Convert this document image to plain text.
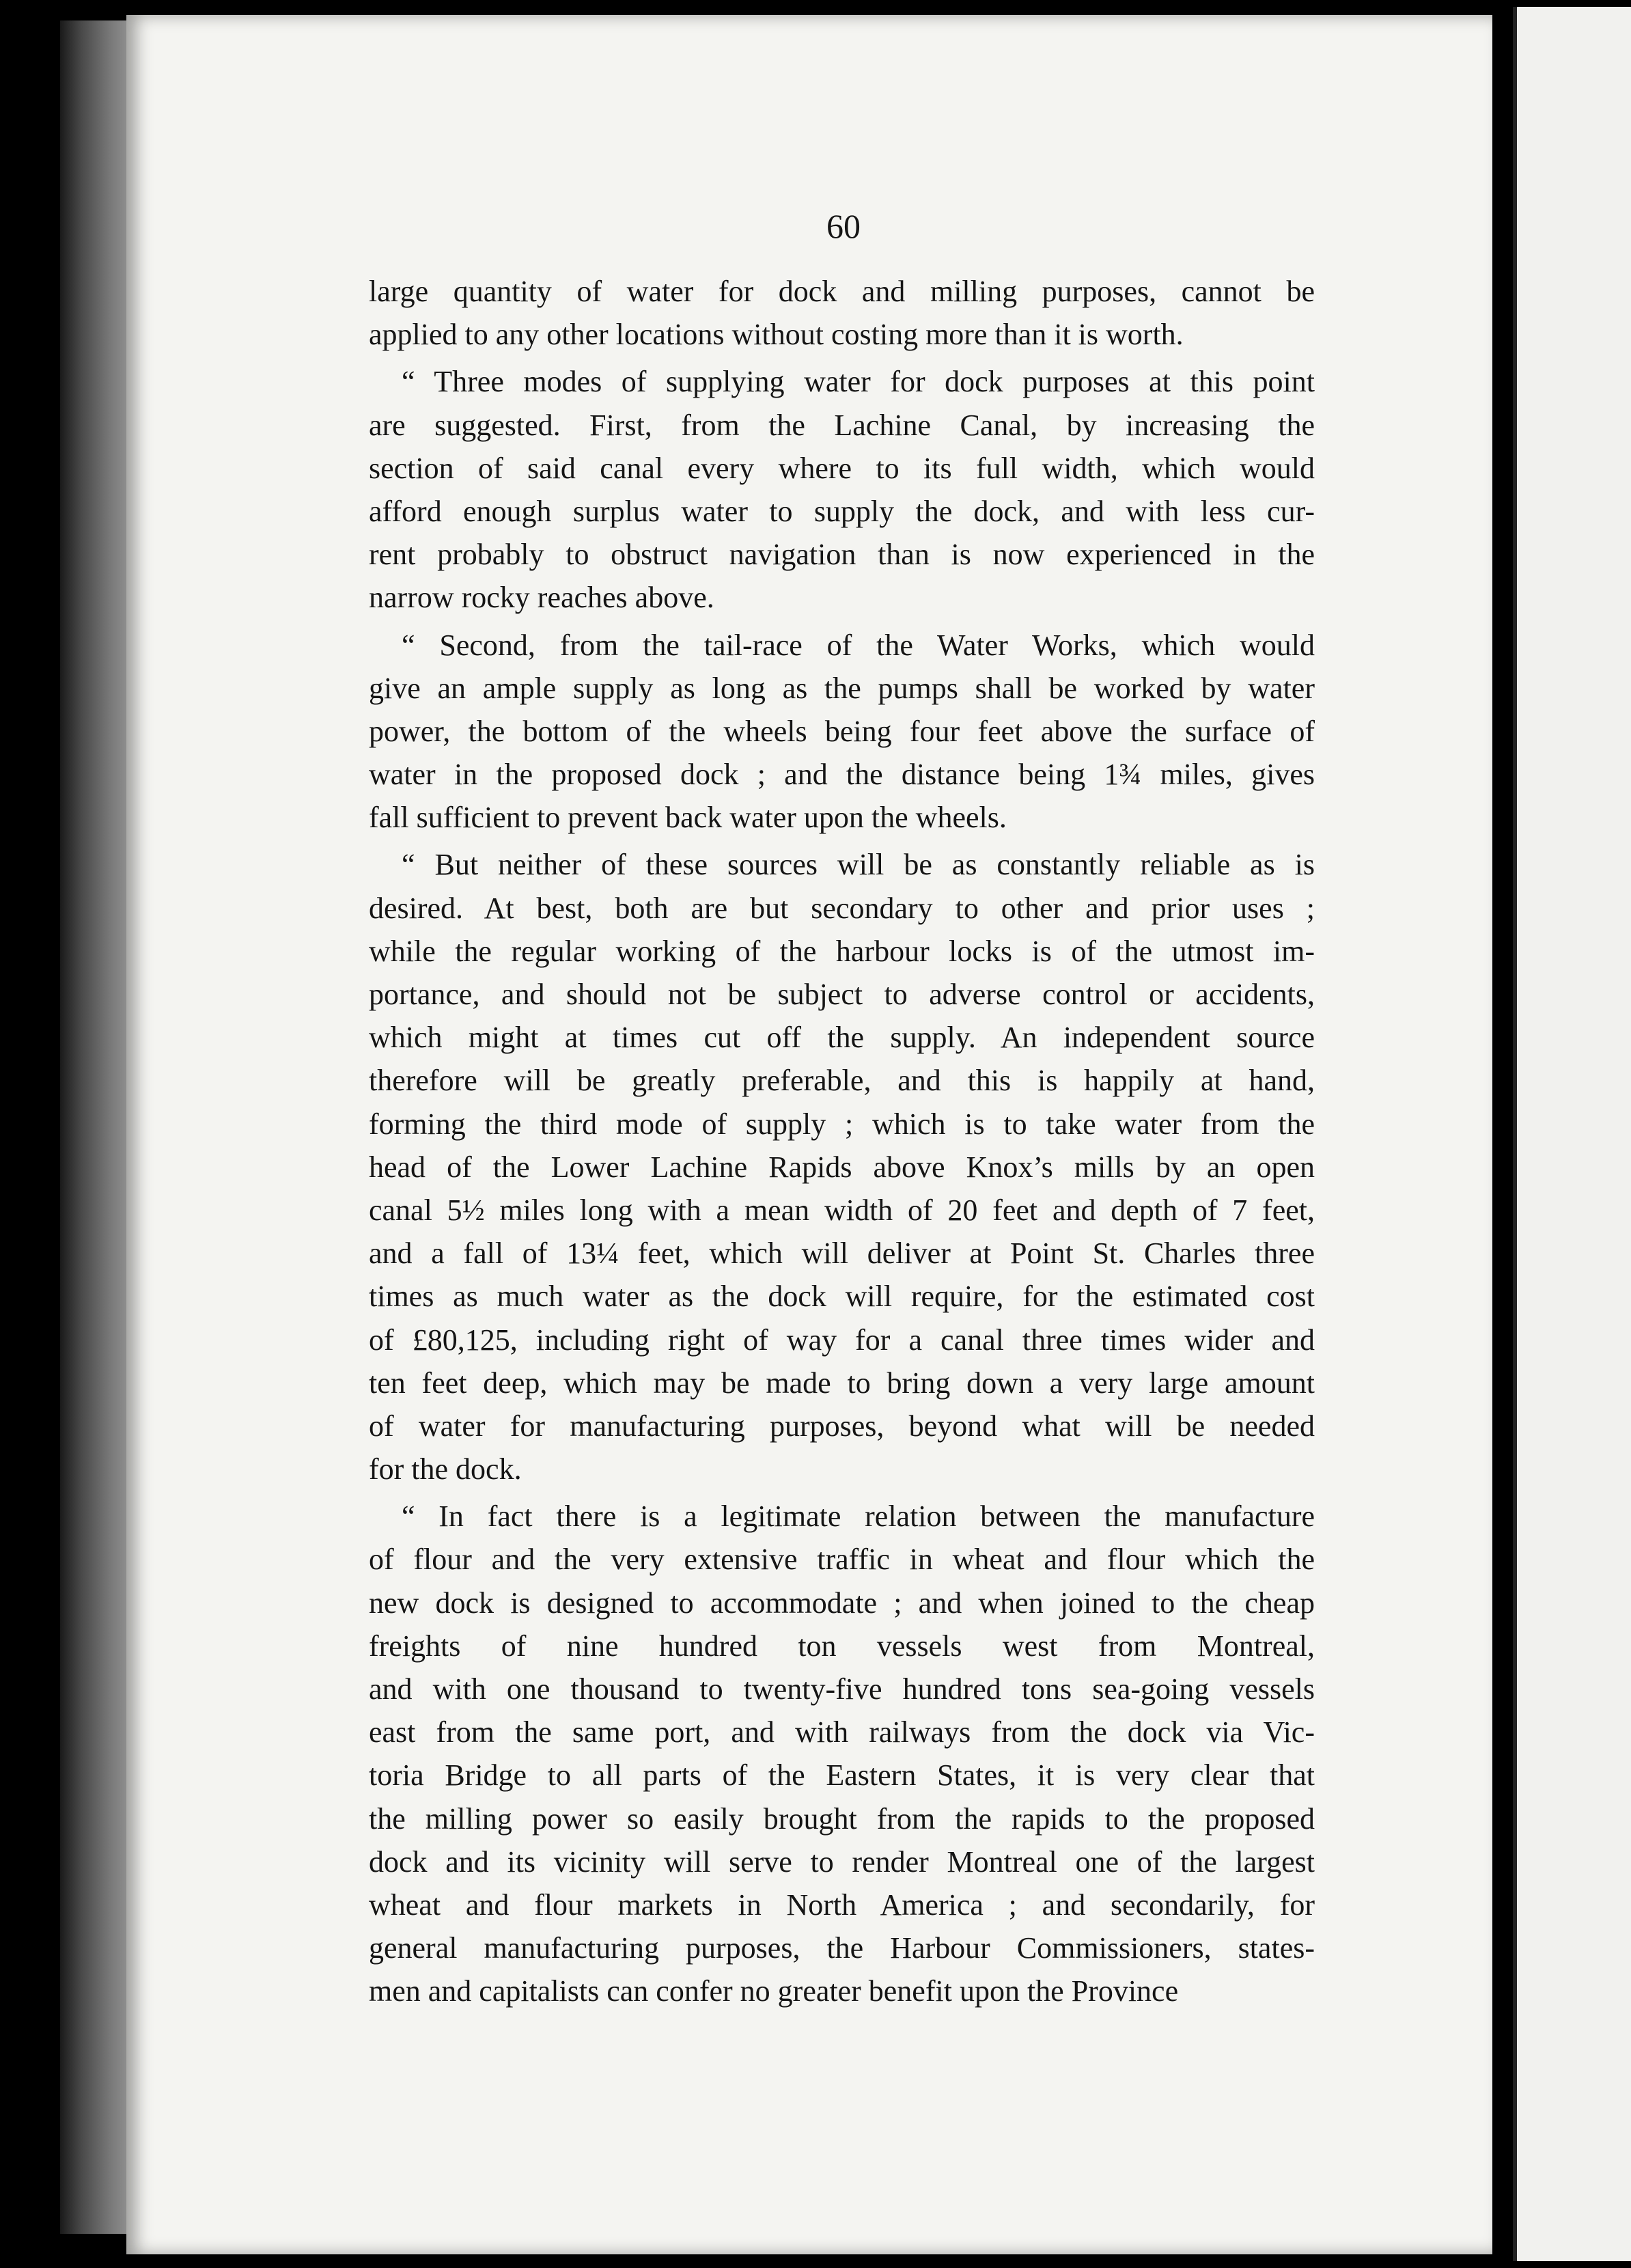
60

large quantity of water for dock and milling purposes, cannot be
applied to any other locations without costing more than it is worth.

“ Three modes of supplying water for dock purposes at this point
are suggested. First, from the Lachine Canal, by increasing the
section of said canal every where to its full width, which would
afford enough surplus water to supply the dock, and with less cur-
rent probably to obstruct navigation than is now experienced in the
narrow rocky reaches above.

“ Second, from the tail-race of the Water Works, which would
give an ample supply as long as the pumps shall be worked by water
power, the bottom of the wheels being four feet above the surface of
water in the proposed dock ; and the distance being 1¾ miles, gives
fall sufficient to prevent back water upon the wheels.

“ But neither of these sources will be as constantly reliable as is
desired. At best, both are but secondary to other and prior uses ;
while the regular working of the harbour locks is of the utmost im-
portance, and should not be subject to adverse control or accidents,
which might at times cut off the supply. An independent source
therefore will be greatly preferable, and this is happily at hand,
forming the third mode of supply ; which is to take water from the
head of the Lower Lachine Rapids above Knox’s mills by an open
canal 5½ miles long with a mean width of 20 feet and depth of 7 feet,
and a fall of 13¼ feet, which will deliver at Point St. Charles three
times as much water as the dock will require, for the estimated cost
of £80,125, including right of way for a canal three times wider and
ten feet deep, which may be made to bring down a very large amount
of water for manufacturing purposes, beyond what will be needed
for the dock.

“ In fact there is a legitimate relation between the manufacture
of flour and the very extensive traffic in wheat and flour which the
new dock is designed to accommodate ; and when joined to the cheap
freights of nine hundred ton vessels west from Montreal,
and with one thousand to twenty-five hundred tons sea-going vessels
east from the same port, and with railways from the dock via Vic-
toria Bridge to all parts of the Eastern States, it is very clear that
the milling power so easily brought from the rapids to the proposed
dock and its vicinity will serve to render Montreal one of the largest
wheat and flour markets in North America ; and secondarily, for
general manufacturing purposes, the Harbour Commissioners, states-
men and capitalists can confer no greater benefit upon the Province
